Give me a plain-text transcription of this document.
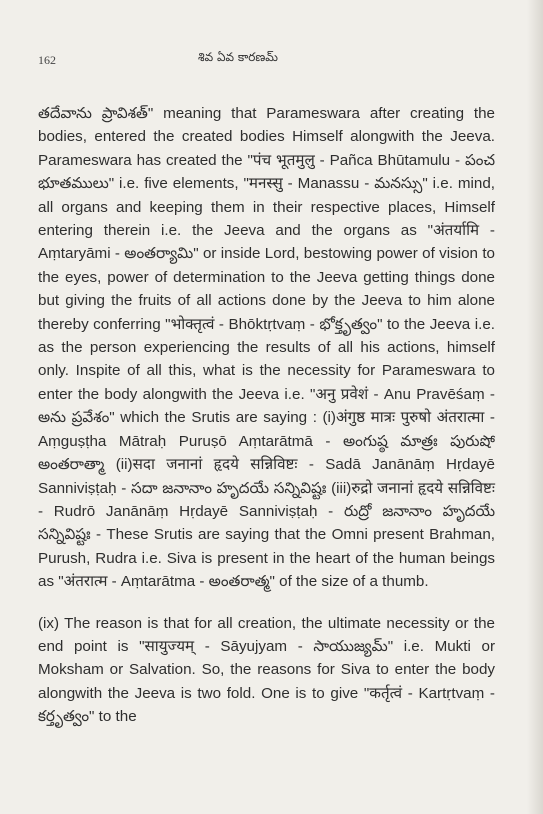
162	శివ ఏవ కారణమ్

తదేవాను ప్రావిశత్" meaning that Parameswara after creating the bodies, entered the created bodies Himself alongwith the Jeeva. Parameswara has created the "पंच भूतमुलु - Pañca Bhūtamulu - పంచ భూతములు" i.e. five elements, "मनस्सु - Manassu - మనస్సు" i.e. mind, all organs and keeping them in their respective places, Himself entering therein i.e. the Jeeva and the organs as "अंतर्यामि - Aṃtaryāmi - అంతర్యామి" or inside Lord, bestowing power of vision to the eyes, power of determination to the Jeeva getting things done but giving the fruits of all actions done by the Jeeva to him alone thereby conferring "भोक्तृत्वं - Bhōktṛtvaṃ - భోక్తృత్వం" to the Jeeva i.e. as the person experiencing the results of all his actions, himself only. Inspite of all this, what is the necessity for Parameswara to enter the body alongwith the Jeeva i.e. "अनु प्रवेशं - Anu Pravēśaṃ - అను ప్రవేశం" which the Srutis are saying : (i)अंगुष्ठ मात्रः पुरुषो अंतरात्मा - Aṃguṣṭha Mātraḥ Puruṣō Aṃtarātmā - అంగుష్ఠ మాత్రః పురుషో అంతరాత్మా (ii)सदा जनानां हृदये सन्निविष्टः - Sadā Janānāṃ Hṛdayē Sanniviṣṭaḥ - సదా జనానాం హృదయే సన్నివిష్టః (iii)रुद्रो जनानां हृदये सन्निविष्टः - Rudrō Janānāṃ Hṛdayē Sanniviṣṭaḥ - రుద్రో జనానాం హృదయే సన్నివిష్టః - These Srutis are saying that the Omni present Brahman, Purush, Rudra i.e. Siva is present in the heart of the human beings as "अंतरात्म - Aṃtarātma - అంతరాత్మ" of the size of a thumb.

(ix) The reason is that for all creation, the ultimate necessity or the end point is "सायुज्यम् - Sāyujyam - సాయుజ్యమ్" i.e. Mukti or Moksham or Salvation. So, the reasons for Siva to enter the body alongwith the Jeeva is two fold. One is to give "कर्तृत्वं - Kartṛtvaṃ - కర్తృత్వం" to the
